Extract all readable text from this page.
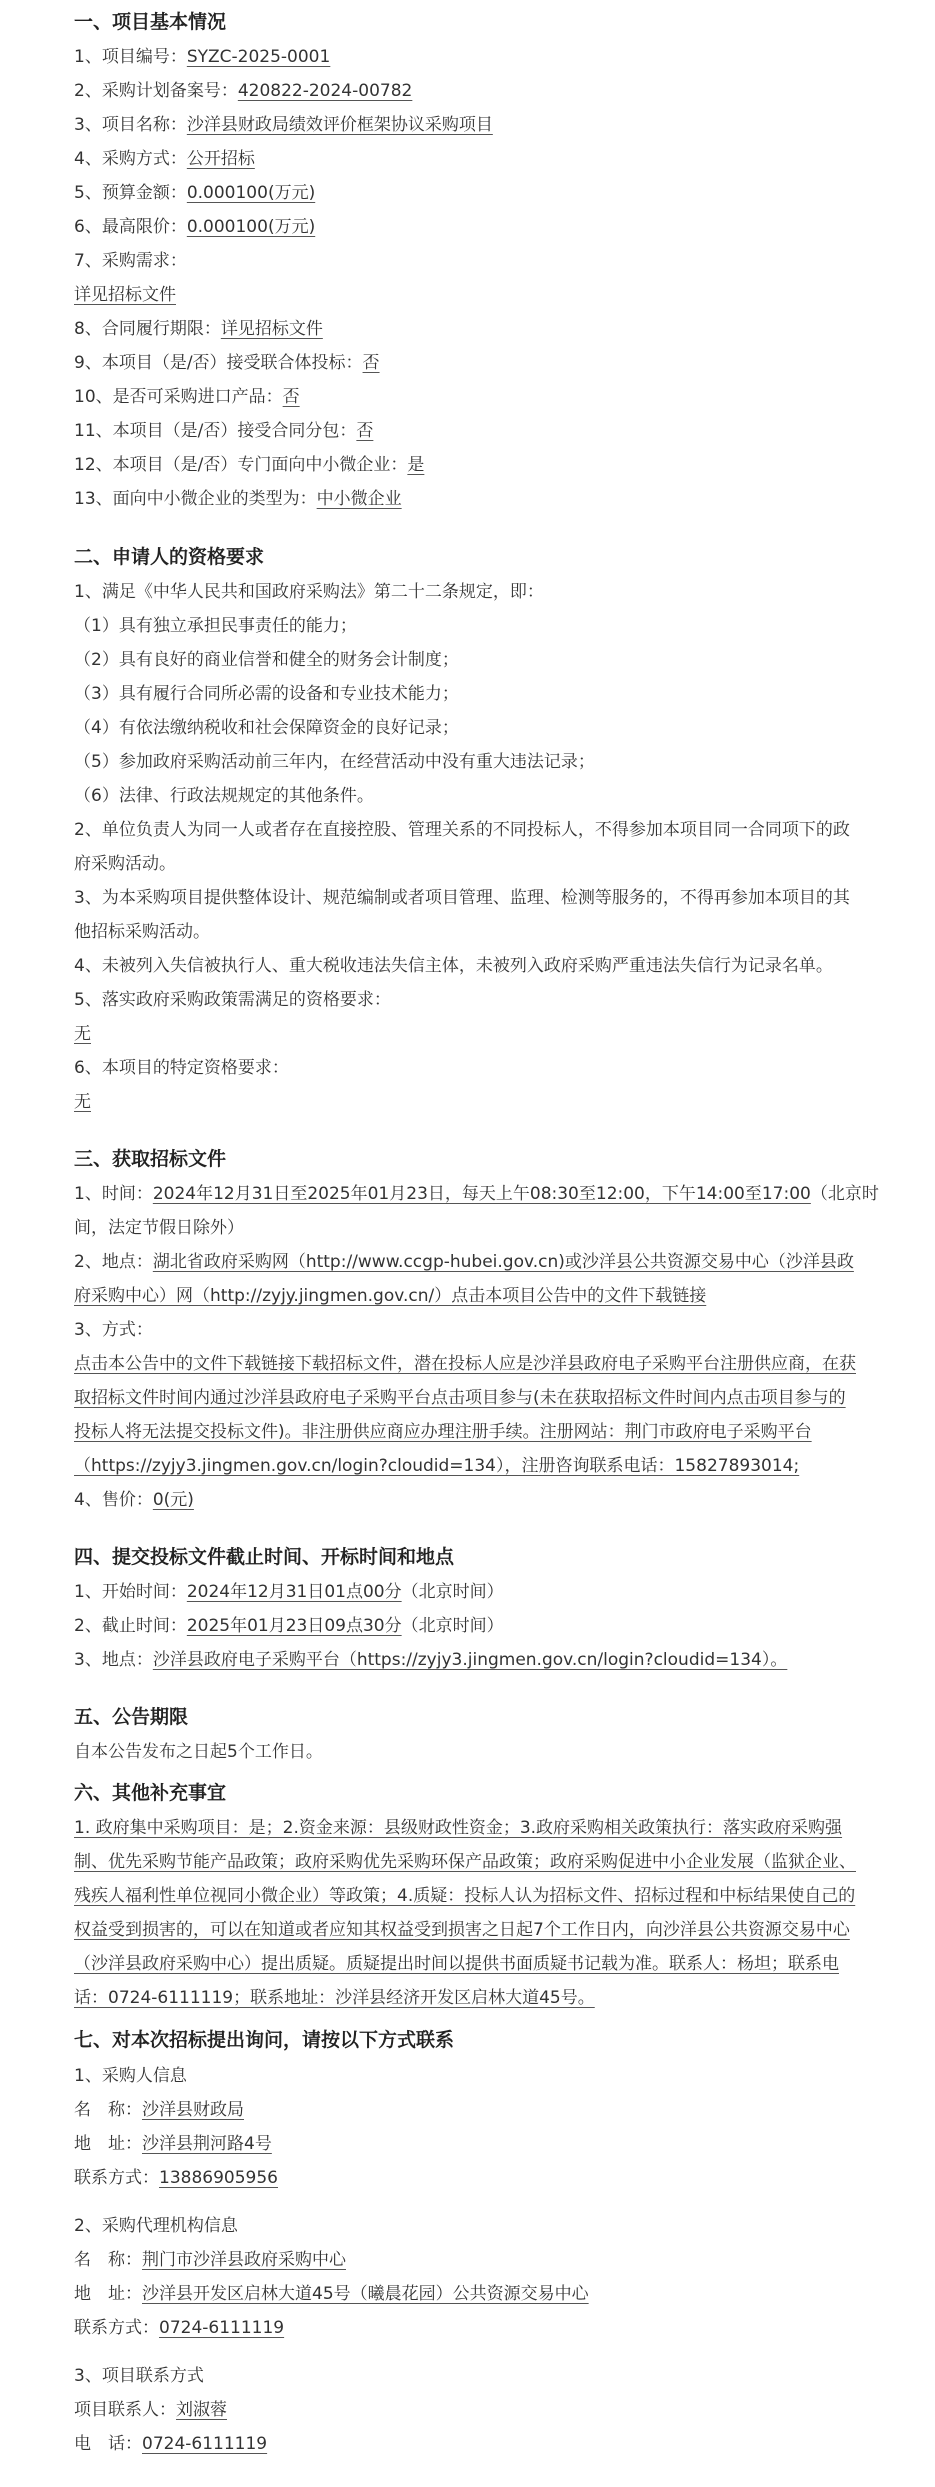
一、项目基本情况
1、项目编号：SYZC-2025-0001
2、采购计划备案号：420822-2024-00782
3、项目名称：沙洋县财政局绩效评价框架协议采购项目
4、采购方式：公开招标
5、预算金额：0.000100(万元)
6、最高限价：0.000100(万元)
7、采购需求：
详见招标文件
8、合同履行期限：详见招标文件
9、本项目（是/否）接受联合体投标：否
10、是否可采购进口产品：否
11、本项目（是/否）接受合同分包：否
12、本项目（是/否）专门面向中小微企业：是
13、面向中小微企业的类型为：中小微企业
二、申请人的资格要求
1、满足《中华人民共和国政府采购法》第二十二条规定，即：
（1）具有独立承担民事责任的能力；
（2）具有良好的商业信誉和健全的财务会计制度；
（3）具有履行合同所必需的设备和专业技术能力；
（4）有依法缴纳税收和社会保障资金的良好记录；
（5）参加政府采购活动前三年内，在经营活动中没有重大违法记录；
（6）法律、行政法规规定的其他条件。
2、单位负责人为同一人或者存在直接控股、管理关系的不同投标人，不得参加本项目同一合同项下的政
府采购活动。
3、为本采购项目提供整体设计、规范编制或者项目管理、监理、检测等服务的，不得再参加本项目的其
他招标采购活动。
4、未被列入失信被执行人、重大税收违法失信主体，未被列入政府采购严重违法失信行为记录名单。
5、落实政府采购政策需满足的资格要求：
无
6、本项目的特定资格要求：
无
三、获取招标文件
1、时间：2024年12月31日至2025年01月23日，每天上午08:30至12:00，下午14:00至17:00（北京时
间，法定节假日除外）
2、地点：湖北省政府采购网（http://www.ccgp-hubei.gov.cn)或沙洋县公共资源交易中心（沙洋县政
府采购中心）网（http://zyjy.jingmen.gov.cn/）点击本项目公告中的文件下载链接
3、方式：
点击本公告中的文件下载链接下载招标文件，潜在投标人应是沙洋县政府电子采购平台注册供应商，在获
取招标文件时间内通过沙洋县政府电子采购平台点击项目参与(未在获取招标文件时间内点击项目参与的
投标人将无法提交投标文件)。非注册供应商应办理注册手续。注册网站：荆门市政府电子采购平台
（https://zyjy3.jingmen.gov.cn/login?cloudid=134），注册咨询联系电话：15827893014;
4、售价：0(元)
四、提交投标文件截止时间、开标时间和地点
1、开始时间：2024年12月31日01点00分（北京时间）
2、截止时间：2025年01月23日09点30分（北京时间）
3、地点：沙洋县政府电子采购平台（https://zyjy3.jingmen.gov.cn/login?cloudid=134）。
五、公告期限
自本公告发布之日起5个工作日。
六、其他补充事宜
1. 政府集中采购项目：是；2.资金来源：县级财政性资金；3.政府采购相关政策执行：落实政府采购强
制、优先采购节能产品政策；政府采购优先采购环保产品政策；政府采购促进中小企业发展（监狱企业、
残疾人福利性单位视同小微企业）等政策；4.质疑：投标人认为招标文件、招标过程和中标结果使自己的
权益受到损害的，可以在知道或者应知其权益受到损害之日起7个工作日内，向沙洋县公共资源交易中心
（沙洋县政府采购中心）提出质疑。质疑提出时间以提供书面质疑书记载为准。联系人：杨坦；联系电
话：0724-6111119；联系地址：沙洋县经济开发区启林大道45号。
七、对本次招标提出询问，请按以下方式联系
1、采购人信息
名　称：沙洋县财政局
地　址：沙洋县荆河路4号
联系方式：13886905956
2、采购代理机构信息
名　称：荆门市沙洋县政府采购中心
地　址：沙洋县开发区启林大道45号（曦晨花园）公共资源交易中心
联系方式：0724-6111119
3、项目联系方式
项目联系人：刘淑蓉
电　话：0724-6111119
